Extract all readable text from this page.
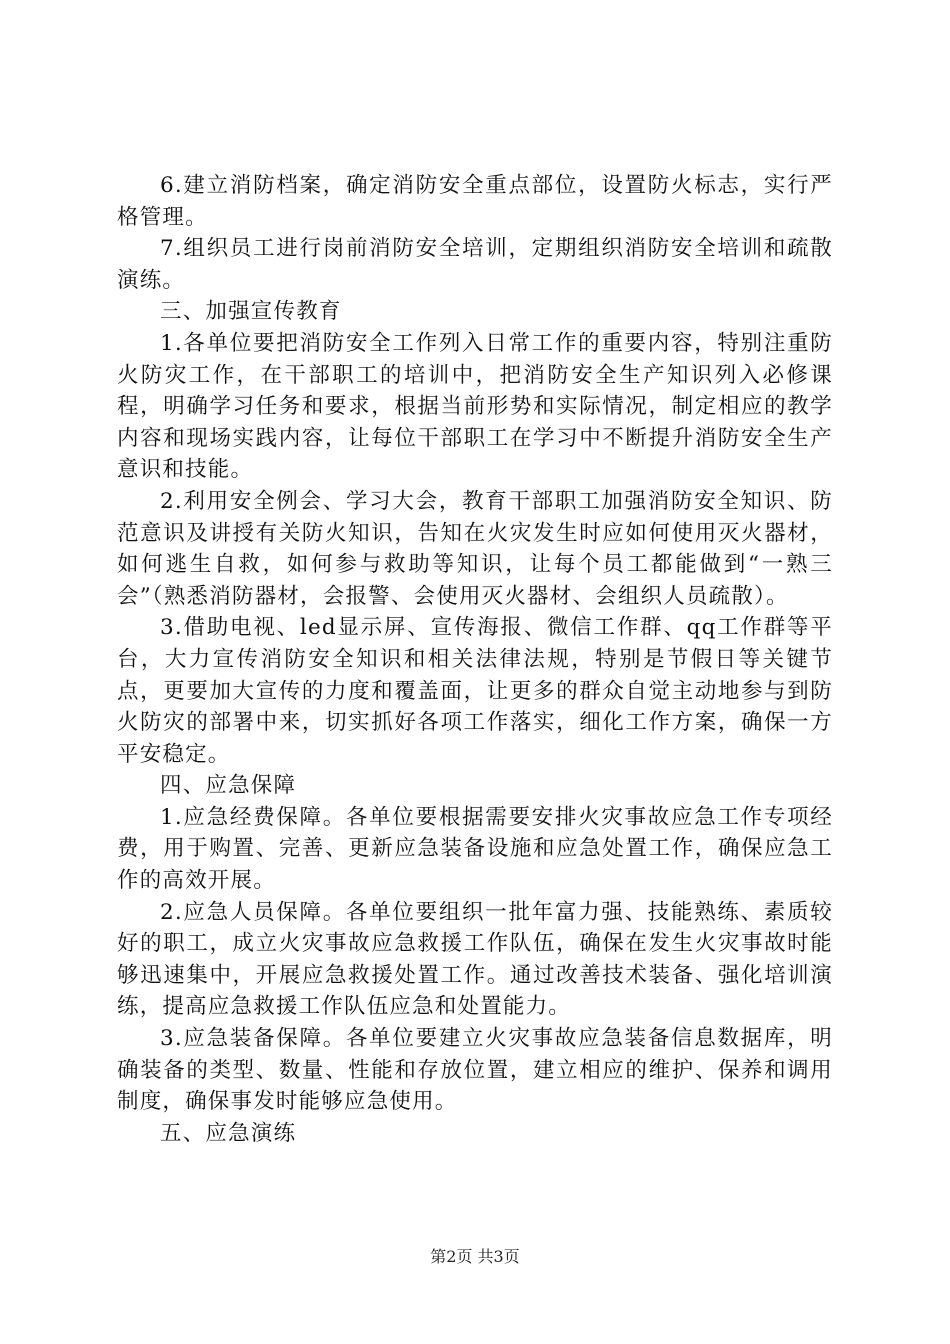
6.建立消防档案，确定消防安全重点部位，设置防火标志，实行严格管理。

7.组织员工进行岗前消防安全培训，定期组织消防安全培训和疏散演练。

三、加强宣传教育

1.各单位要把消防安全工作列入日常工作的重要内容，特别注重防火防灾工作，在干部职工的培训中，把消防安全生产知识列入必修课程，明确学习任务和要求，根据当前形势和实际情况，制定相应的教学内容和现场实践内容，让每位干部职工在学习中不断提升消防安全生产意识和技能。

2.利用安全例会、学习大会，教育干部职工加强消防安全知识、防范意识及讲授有关防火知识，告知在火灾发生时应如何使用灭火器材，如何逃生自救，如何参与救助等知识，让每个员工都能做到“一熟三会”（熟悉消防器材，会报警、会使用灭火器材、会组织人员疏散）。

3.借助电视、led显示屏、宣传海报、微信工作群、qq工作群等平台，大力宣传消防安全知识和相关法律法规，特别是节假日等关键节点，更要加大宣传的力度和覆盖面，让更多的群众自觉主动地参与到防火防灾的部署中来，切实抓好各项工作落实，细化工作方案，确保一方平安稳定。

四、应急保障

1.应急经费保障。各单位要根据需要安排火灾事故应急工作专项经费，用于购置、完善、更新应急装备设施和应急处置工作，确保应急工作的高效开展。

2.应急人员保障。各单位要组织一批年富力强、技能熟练、素质较好的职工，成立火灾事故应急救援工作队伍，确保在发生火灾事故时能够迅速集中，开展应急救援处置工作。通过改善技术装备、强化培训演练，提高应急救援工作队伍应急和处置能力。

3.应急装备保障。各单位要建立火灾事故应急装备信息数据库，明确装备的类型、数量、性能和存放位置，建立相应的维护、保养和调用制度，确保事发时能够应急使用。

五、应急演练

第2页 共3页
